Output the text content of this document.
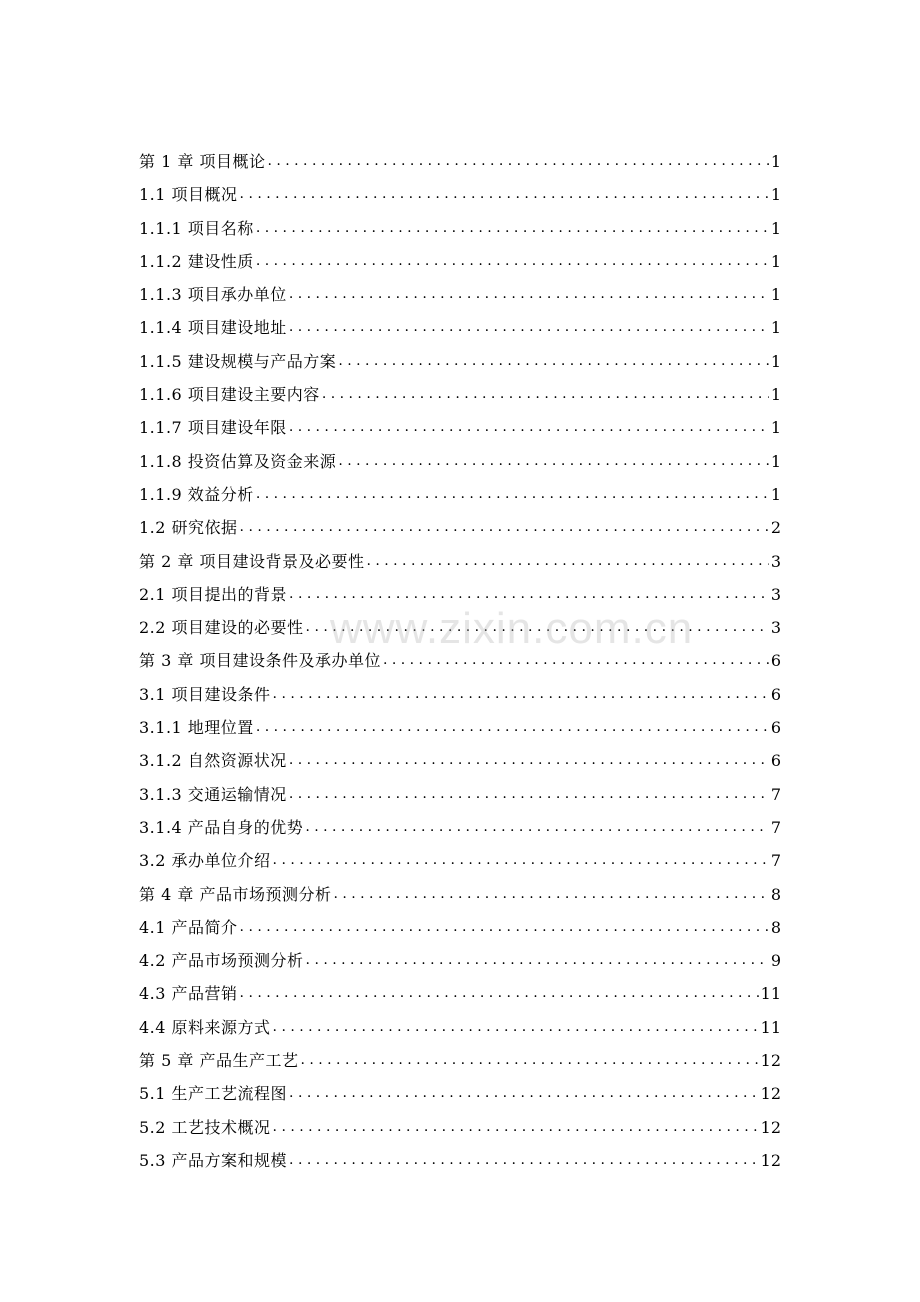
第 1 章 项目概论 . . .	1
1.1 项目概况 . . .	1
1.1.1 项目名称 . . .	1
1.1.2 建设性质 . . .	1
1.1.3 项目承办单位 . . .	1
1.1.4 项目建设地址 . . .	1
1.1.5 建设规模与产品方案 . . .	1
1.1.6 项目建设主要内容 . . .	1
1.1.7 项目建设年限 . . .	1
1.1.8 投资估算及资金来源 . . .	1
1.1.9 效益分析 . . .	1
1.2 研究依据 . . .	2
第 2 章 项目建设背景及必要性 . . .	3
2.1 项目提出的背景 . . .	3
2.2 项目建设的必要性 . . .	3
第 3 章 项目建设条件及承办单位 . . .	6
3.1 项目建设条件 . . .	6
3.1.1 地理位置 . . .	6
3.1.2 自然资源状况 . . .	6
3.1.3 交通运输情况 . . .	7
3.1.4 产品自身的优势 . . .	7
3.2 承办单位介绍 . . .	7
第 4 章 产品市场预测分析 . . .	8
4.1 产品简介 . . .	8
4.2 产品市场预测分析 . . .	9
4.3 产品营销 . . .	11
4.4 原料来源方式 . . .	11
第 5 章 产品生产工艺 . . .	12
5.1 生产工艺流程图 . . .	12
5.2 工艺技术概况 . . .	12
5.3 产品方案和规模 . . .	12
www.zixin.com.cn
